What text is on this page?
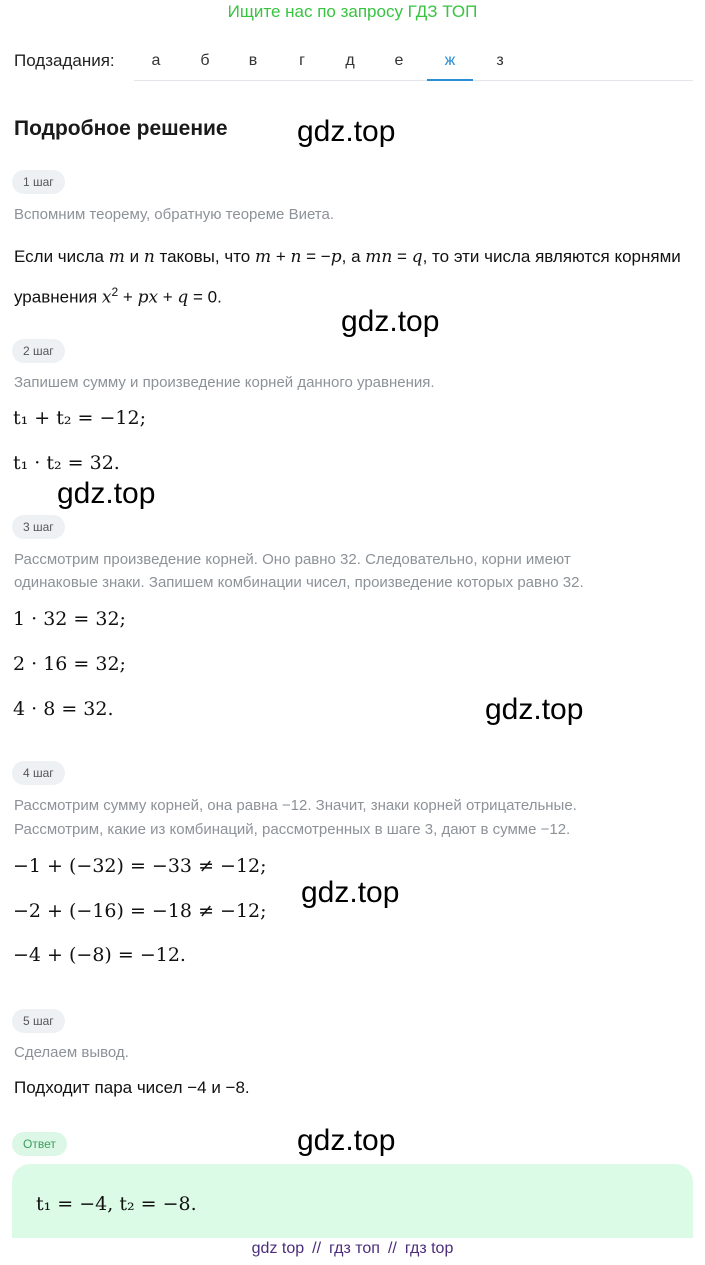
Ищите нас по запросу ГДЗ ТОП
Подзадания:	а	б	в	г	д	е	ж	з
Подробное решение gdz.top
gdz.top
gdz.top
gdz.top
gdz.top
gdz.top
1 шаг
Вспомним теорему, обратную теореме Виета.
Если числа m и n таковы, что m + n = −p, а mn = q, то эти числа являются корнями уравнения $x^2$ + px + q = 0.
2 шаг
Запишем сумму и произведение корней данного уравнения.
t₁ + t₂ = −12;
t₁ · t₂ = 32.
3 шаг
Рассмотрим произведение корней. Оно равно 32. Следовательно, корни имеют
одинаковые знаки. Запишем комбинации чисел, произведение которых равно 32.
1 · 32 = 32;
2 · 16 = 32;
4 · 8 = 32.
4 шаг
Рассмотрим сумму корней, она равна −12. Значит, знаки корней отрицательные.
Рассмотрим, какие из комбинаций, рассмотренных в шаге 3, дают в сумме −12.
−1 + (−32) = −33 ≠ −12;
−2 + (−16) = −18 ≠ −12;
−4 + (−8) = −12.
5 шаг
Сделаем вывод.
Подходит пара чисел −4 и −8.
Ответ
t₁ = −4, t₂ = −8.
gdz top // гдз топ // гдз top
